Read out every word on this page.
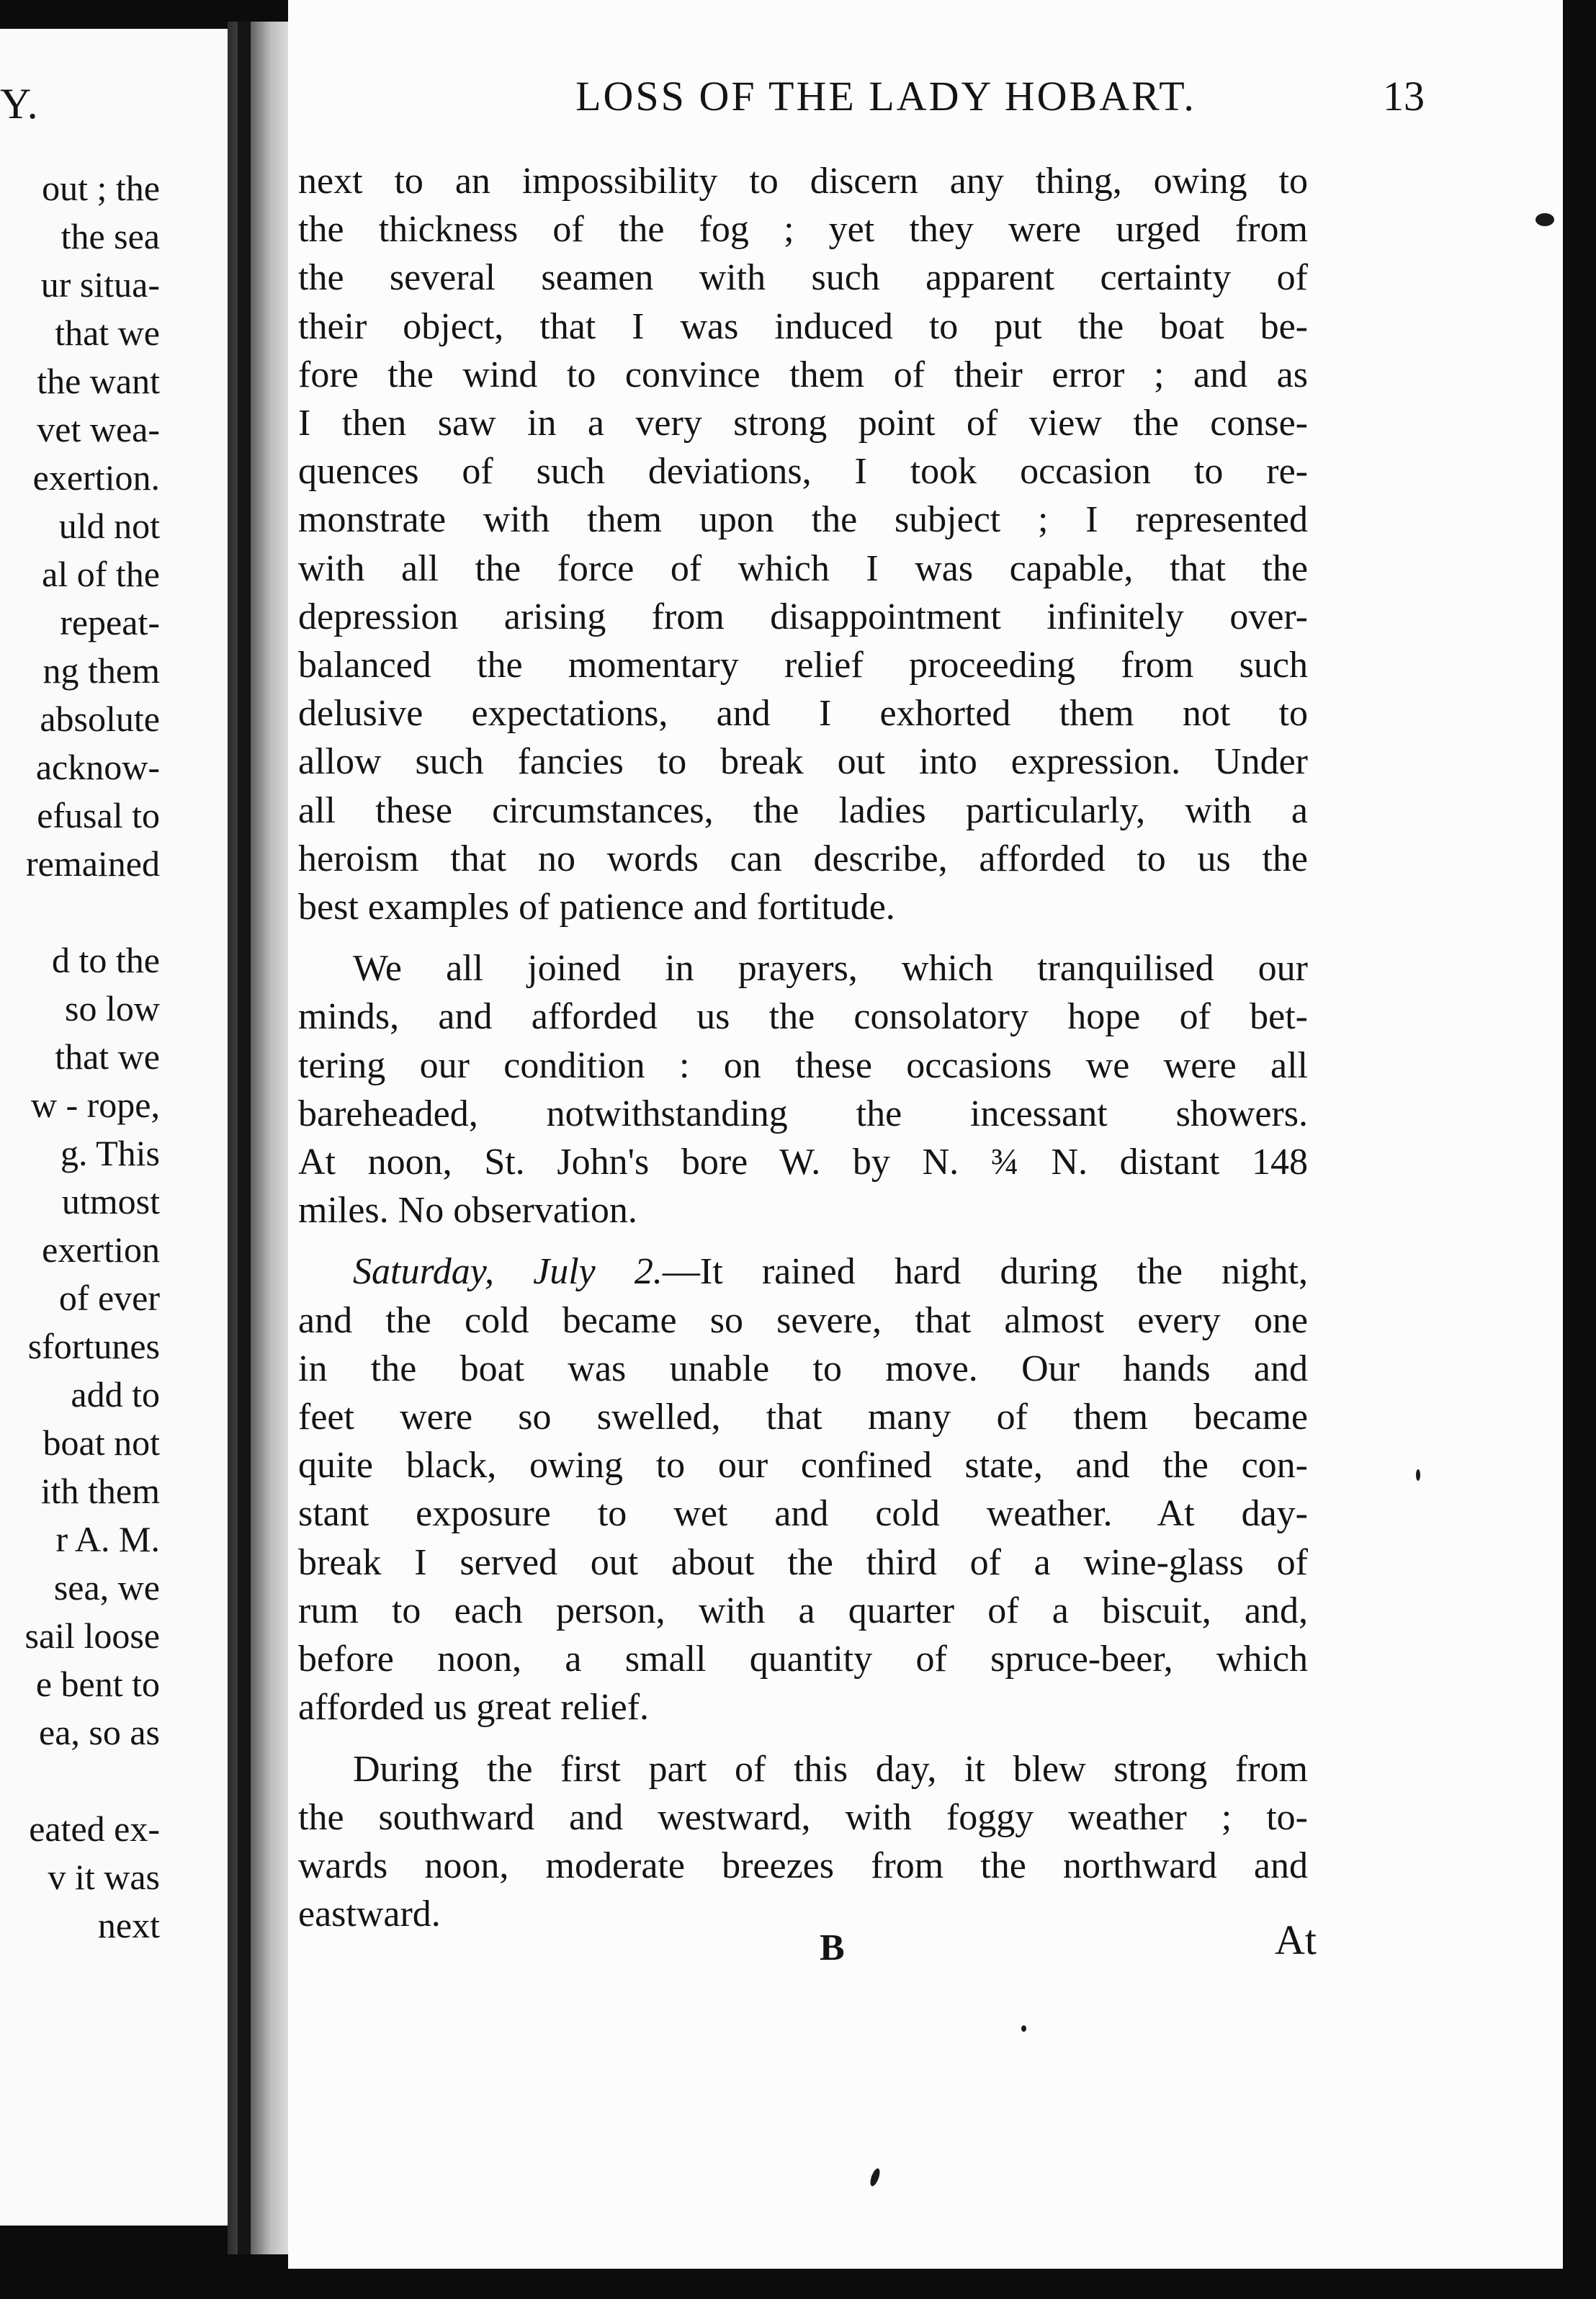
Y.
out ; the
the sea
ur situa-
that we
the want
vet wea-
exertion.
uld not
al of the
repeat-
ng them
absolute
acknow-
efusal to
remained
d to the
so low
that we
w - rope,
g. This
utmost
exertion
of ever
sfortunes
add to
boat not
ith them
r A. M.
sea, we
sail loose
e bent to
ea, so as
eated ex-
v it was
next
LOSS OF THE LADY HOBART.	13

next to an impossibility to discern any thing, owing to

the thickness of the fog ; yet they were urged from

the several seamen with such apparent certainty of

their object, that I was induced to put the boat be-

fore the wind to convince them of their error ; and as

I then saw in a very strong point of view the conse-

quences of such deviations, I took occasion to re-

monstrate with them upon the subject ; I represented

with all the force of which I was capable, that the

depression arising from disappointment infinitely over-

balanced the momentary relief proceeding from such

delusive expectations, and I exhorted them not to

allow such fancies to break out into expression. Under

all these circumstances, the ladies particularly, with a

heroism that no words can describe, afforded to us the

best examples of patience and fortitude.

We all joined in prayers, which tranquilised our

minds, and afforded us the consolatory hope of bet-

tering our condition : on these occasions we were all

bareheaded, notwithstanding the incessant showers.

At noon, St. John's bore W. by N. ¾ N. distant 148

miles. No observation.

Saturday, July 2.—It rained hard during the night,

and the cold became so severe, that almost every one

in the boat was unable to move. Our hands and

feet were so swelled, that many of them became

quite black, owing to our confined state, and the con-

stant exposure to wet and cold weather. At day-

break I served out about the third of a wine-glass of

rum to each person, with a quarter of a biscuit, and,

before noon, a small quantity of spruce-beer, which

afforded us great relief.

During the first part of this day, it blew strong from

the southward and westward, with foggy weather ; to-

wards noon, moderate breezes from the northward and

eastward.

B	At
